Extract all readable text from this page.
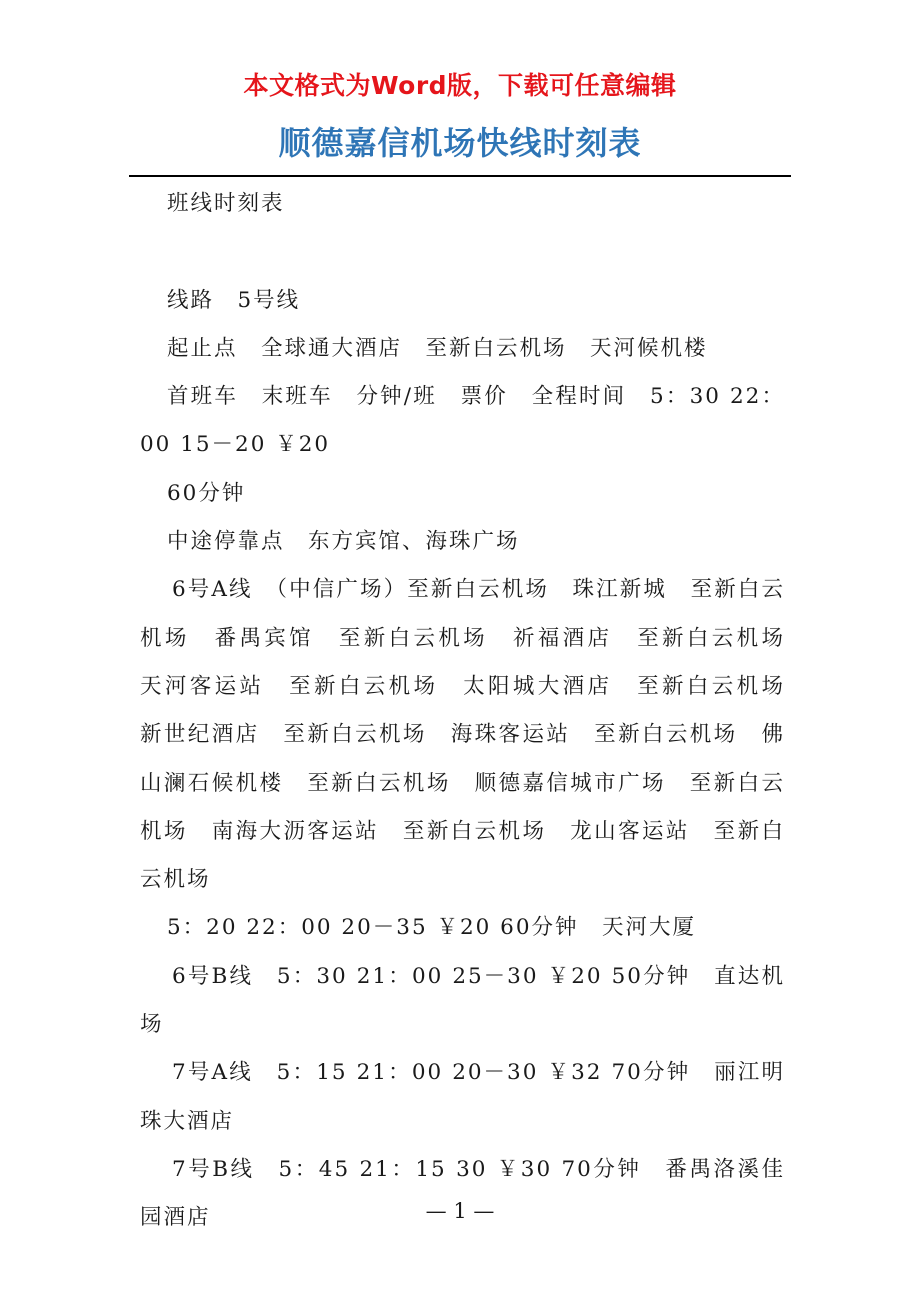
本文格式为Word版，下载可任意编辑
顺德嘉信机场快线时刻表

班线时刻表

线路　5号线

起止点　全球通大酒店　至新白云机场　天河候机楼

首班车　末班车　分钟/班　票价　全程时间　5：30 22：00 15－20 ￥20

60分钟

中途停靠点　东方宾馆、海珠广场

6号A线　（中信广场）至新白云机场　珠江新城　至新白云机场　番禺宾馆　至新白云机场　祈福酒店　至新白云机场　天河客运站　至新白云机场　太阳城大酒店　至新白云机场　新世纪酒店　至新白云机场　海珠客运站　至新白云机场　佛山澜石候机楼　至新白云机场　顺德嘉信城市广场　至新白云机场　南海大沥客运站　至新白云机场　龙山客运站　至新白云机场

5：20 22：00 20－35 ￥20 60分钟　天河大厦

6号B线　5：30 21：00 25－30 ￥20 50分钟　直达机场

7号A线　5：15 21：00 20－30 ￥32 70分钟　丽江明珠大酒店

7号B线　5：45 21：15 30 ￥30 70分钟　番禺洛溪佳园酒店	— 1 —
